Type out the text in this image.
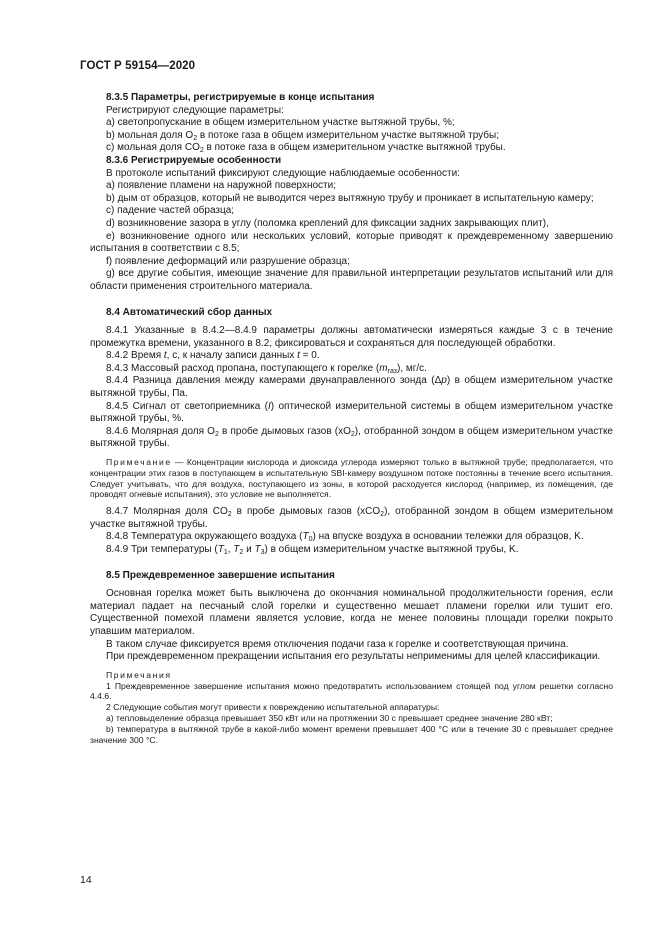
ГОСТ Р 59154—2020

8.3.5 Параметры, регистрируемые в конце испытания

Регистрируют следующие параметры:

а) светопропускание в общем измерительном участке вытяжной трубы, %;

b) мольная доля $O_2$ в потоке газа в общем измерительном участке вытяжной трубы;

c) мольная доля $CO_2$ в потоке газа в общем измерительном участке вытяжной трубы.

8.3.6 Регистрируемые особенности

В протоколе испытаний фиксируют следующие наблюдаемые особенности:

а) появление пламени на наружной поверхности;

b) дым от образцов, который не выводится через вытяжную трубу и проникает в испытательную камеру;

c) падение частей образца;

d) возникновение зазора в углу (поломка креплений для фиксации задних закрывающих плит),

e) возникновение одного или нескольких условий, которые приводят к преждевременному завершению испытания в соответствии с 8.5;

f) появление деформаций или разрушение образца;

g) все другие события, имеющие значение для правильной интерпретации результатов испытаний или для области применения строительного материала.

8.4 Автоматический сбор данных

8.4.1 Указанные в 8.4.2—8.4.9 параметры должны автоматически измеряться каждые 3 с в течение промежутка времени, указанного в 8.2, фиксироваться и сохраняться для последующей обработки.

8.4.2 Время t, с, к началу записи данных t = 0.

8.4.3 Массовый расход пропана, поступающего к горелке $(m_{газ})$, мг/с.

8.4.4 Разница давления между камерами двунаправленного зонда (Δp) в общем измерительном участке вытяжной трубы, Па.

8.4.5 Сигнал от светоприемника (I) оптической измерительной системы в общем измерительном участке вытяжной трубы, %.

8.4.6 Молярная доля $O_2$ в пробе дымовых газов $(xO_2)$, отобранной зондом в общем измерительном участке вытяжной трубы.

Примечание — Концентрации кислорода и диоксида углерода измеряют только в вытяжной трубе; предполагается, что концентрации этих газов в поступающем в испытательную SBI-камеру воздушном потоке постоянны в течение всего испытания. Следует учитывать, что для воздуха, поступающего из зоны, в которой расходуется кислород (например, из помещения, где проводят огневые испытания), это условие не выполняется.

8.4.7 Молярная доля $CO_2$ в пробе дымовых газов (xCO$_2$), отобранной зондом в общем измерительном участке вытяжной трубы.

8.4.8 Температура окружающего воздуха $(T_0)$ на впуске воздуха в основании тележки для образцов, K.

8.4.9 Три температуры ($T_1$, $T_2$ и $T_3$) в общем измерительном участке вытяжной трубы, K.

8.5 Преждевременное завершение испытания

Основная горелка может быть выключена до окончания номинальной продолжительности горения, если материал падает на песчаный слой горелки и существенно мешает пламени горелки или тушит его. Существенной помехой пламени является условие, когда не менее половины площади горелки покрыто упавшим материалом.

В таком случае фиксируется время отключения подачи газа к горелке и соответствующая причина.

При преждевременном прекращении испытания его результаты неприменимы для целей классификации.

Примечания

1 Преждевременное завершение испытания можно предотвратить использованием стоящей под углом решетки согласно 4.4.6.

2 Следующие события могут привести к повреждению испытательной аппаратуры:

а) тепловыделение образца превышает 350 кВт или на протяжении 30 с превышает среднее значение 280 кВт;

b) температура в вытяжной трубе в какой-либо момент времени превышает 400 °C или в течение 30 с превышает среднее значение 300 °C.

14
